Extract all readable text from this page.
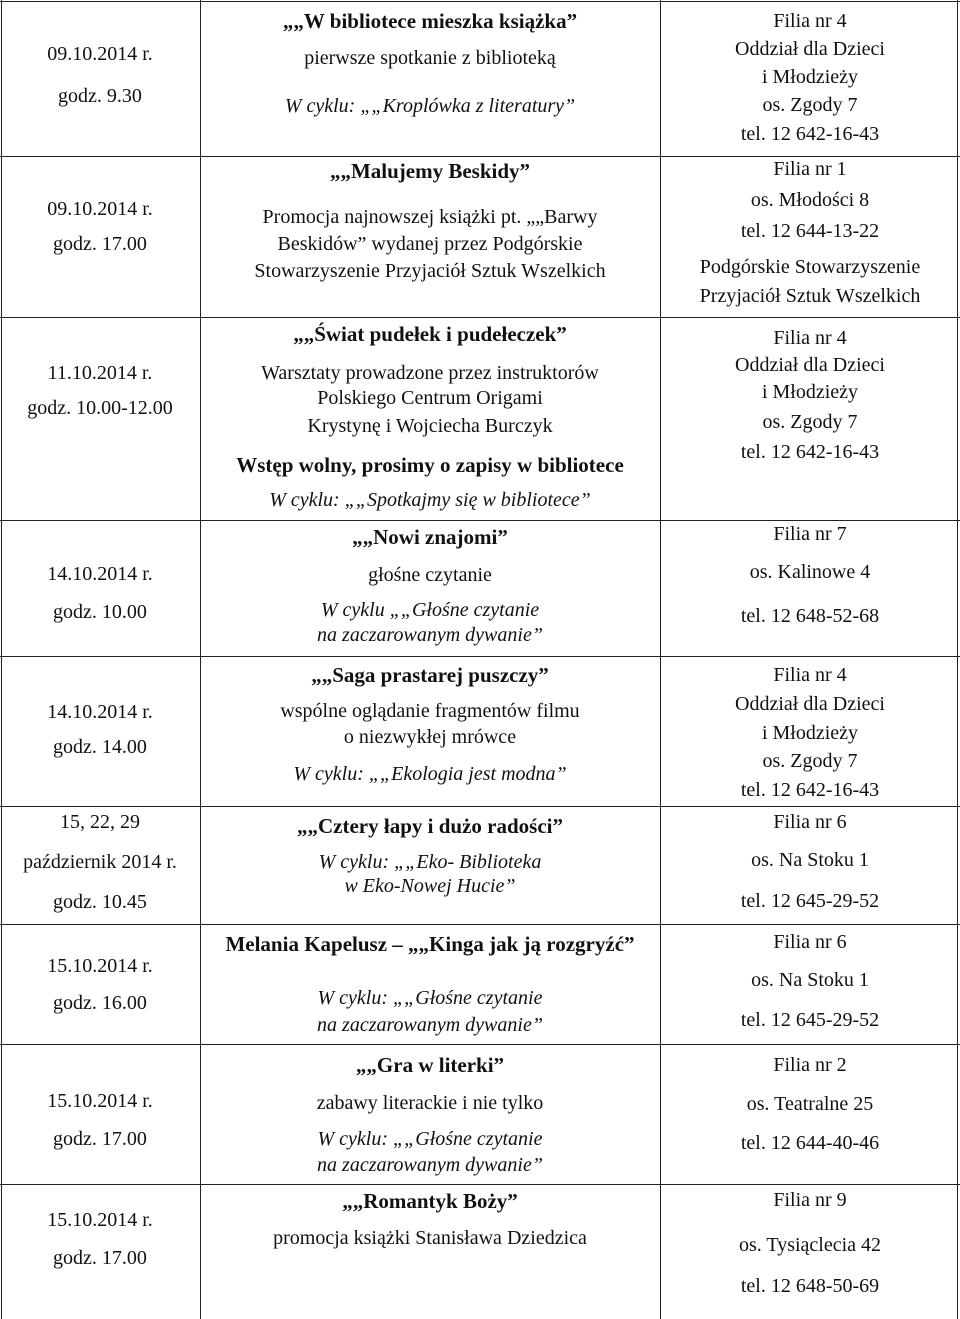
09.10.2014 r.
godz. 9.30
„„W bibliotece mieszka książka”
pierwsze spotkanie z biblioteką
W cyklu: „„Kroplówka z literatury”
Filia nr 4
Oddział dla Dzieci
i Młodzieży
os. Zgody 7
tel. 12 642-16-43
09.10.2014 r.
godz. 17.00
„„Malujemy Beskidy”
Promocja najnowszej książki pt. „„Barwy
Beskidów” wydanej przez Podgórskie
Stowarzyszenie Przyjaciół Sztuk Wszelkich
Filia nr 1
os. Młodości 8
tel. 12 644-13-22
Podgórskie Stowarzyszenie
Przyjaciół Sztuk Wszelkich
11.10.2014 r.
godz. 10.00-12.00
„„Świat pudełek i pudełeczek”
Warsztaty prowadzone przez instruktorów
Polskiego Centrum Origami
Krystynę i Wojciecha Burczyk
Wstęp wolny, prosimy o zapisy w bibliotece
W cyklu: „„Spotkajmy się w bibliotece”
Filia nr 4
Oddział dla Dzieci
i Młodzieży
os. Zgody 7
tel. 12 642-16-43
14.10.2014 r.
godz. 10.00
„„Nowi znajomi”
głośne czytanie
W cyklu „„Głośne czytanie
na zaczarowanym dywanie”
Filia nr 7
os. Kalinowe 4
tel. 12 648-52-68
14.10.2014 r.
godz. 14.00
„„Saga prastarej puszczy”
wspólne oglądanie fragmentów filmu
o niezwykłej mrówce
W cyklu: „„Ekologia jest modna”
Filia nr 4
Oddział dla Dzieci
i Młodzieży
os. Zgody 7
tel. 12 642-16-43
15, 22, 29
październik 2014 r.
godz. 10.45
„„Cztery łapy i dużo radości”
W cyklu: „„Eko- Biblioteka
w Eko-Nowej Hucie”
Filia nr 6
os. Na Stoku 1
tel. 12 645-29-52
15.10.2014 r.
godz. 16.00
Melania Kapelusz – „„Kinga jak ją rozgryźć”
W cyklu: „„Głośne czytanie
na zaczarowanym dywanie”
Filia nr 6
os. Na Stoku 1
tel. 12 645-29-52
15.10.2014 r.
godz. 17.00
„„Gra w literki”
zabawy literackie i nie tylko
W cyklu: „„Głośne czytanie
na zaczarowanym dywanie”
Filia nr 2
os. Teatralne 25
tel. 12 644-40-46
15.10.2014 r.
godz. 17.00
„„Romantyk Boży”
promocja książki Stanisława Dziedzica
Filia nr 9
os. Tysiąclecia 42
tel. 12 648-50-69
